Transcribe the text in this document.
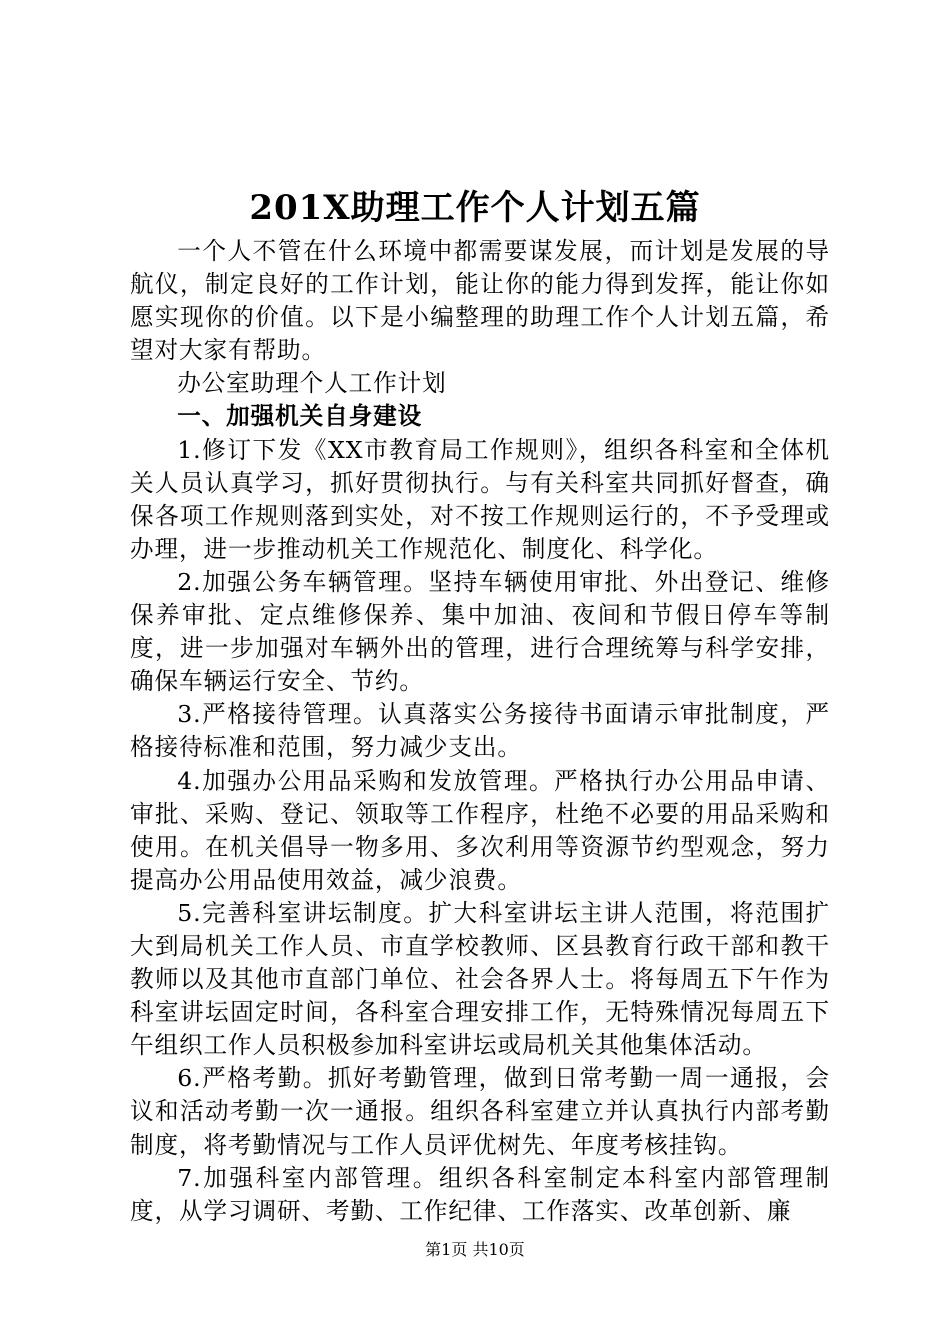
201X助理工作个人计划五篇

一个人不管在什么环境中都需要谋发展，而计划是发展的导航仪，制定良好的工作计划，能让你的能力得到发挥，能让你如愿实现你的价值。以下是小编整理的助理工作个人计划五篇，希望对大家有帮助。

办公室助理个人工作计划

一、加强机关自身建设

1.修订下发《XX市教育局工作规则》，组织各科室和全体机关人员认真学习，抓好贯彻执行。与有关科室共同抓好督查，确保各项工作规则落到实处，对不按工作规则运行的，不予受理或办理，进一步推动机关工作规范化、制度化、科学化。

2.加强公务车辆管理。坚持车辆使用审批、外出登记、维修保养审批、定点维修保养、集中加油、夜间和节假日停车等制度，进一步加强对车辆外出的管理，进行合理统筹与科学安排，确保车辆运行安全、节约。

3.严格接待管理。认真落实公务接待书面请示审批制度，严格接待标准和范围，努力减少支出。

4.加强办公用品采购和发放管理。严格执行办公用品申请、审批、采购、登记、领取等工作程序，杜绝不必要的用品采购和使用。在机关倡导一物多用、多次利用等资源节约型观念，努力提高办公用品使用效益，减少浪费。

5.完善科室讲坛制度。扩大科室讲坛主讲人范围，将范围扩大到局机关工作人员、市直学校教师、区县教育行政干部和教干教师以及其他市直部门单位、社会各界人士。将每周五下午作为科室讲坛固定时间，各科室合理安排工作，无特殊情况每周五下午组织工作人员积极参加科室讲坛或局机关其他集体活动。

6.严格考勤。抓好考勤管理，做到日常考勤一周一通报，会议和活动考勤一次一通报。组织各科室建立并认真执行内部考勤制度，将考勤情况与工作人员评优树先、年度考核挂钩。

7.加强科室内部管理。组织各科室制定本科室内部管理制度，从学习调研、考勤、工作纪律、工作落实、改革创新、廉

第1页 共10页
